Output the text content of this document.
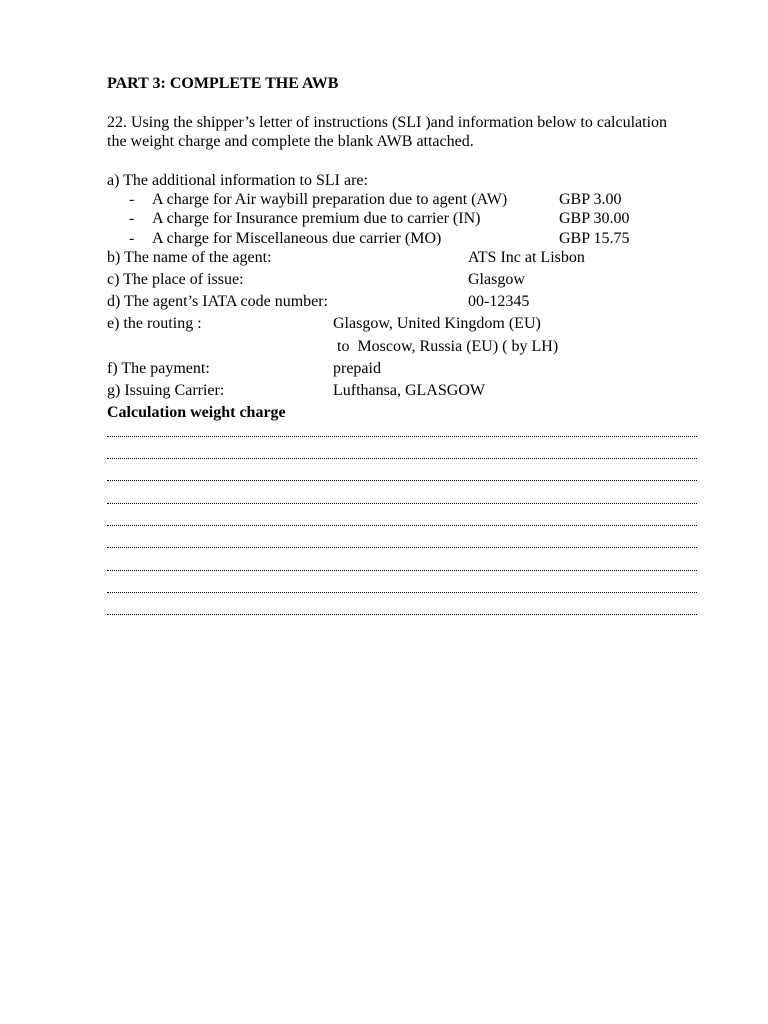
PART 3: COMPLETE THE AWB
22. Using the shipper’s letter of instructions (SLI )and information below to calculation
the weight charge and complete the blank AWB attached.
a) The additional information to SLI are:
- A charge for Air waybill preparation due to agent (AW)	GBP 3.00
- A charge for Insurance premium due to carrier (IN)	GBP 30.00
- A charge for Miscellaneous due carrier (MO)	GBP 15.75
b) The name of the agent:	ATS Inc at Lisbon
c) The place of issue:	Glasgow
d) The agent’s IATA code number:	00-12345
e) the routing :	Glasgow, United Kingdom (EU)
to  Moscow, Russia (EU) ( by LH)
f) The payment:	prepaid
g) Issuing Carrier:	Lufthansa, GLASGOW
Calculation weight charge
